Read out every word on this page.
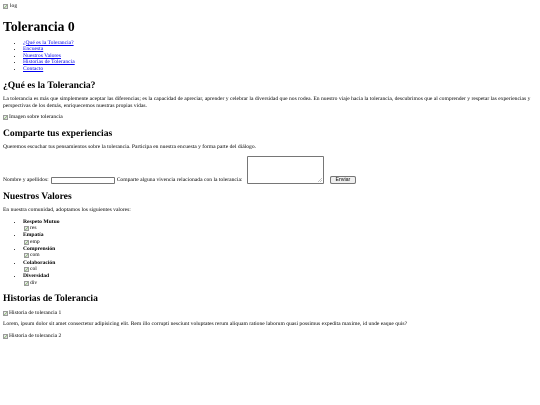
log
Tolerancia 0
• ¿Qué es la Tolerancia?
• Encuesta
• Nuestros Valores
• Historias de Tolerancia
• Contacto
¿Qué es la Tolerancia?

La tolerancia es más que simplemente aceptar las diferencias; es la capacidad de apreciar, aprender y celebrar la diversidad que nos rodea. En nuestro viaje hacia la tolerancia, descubrimos que al comprender y respetar las experiencias y perspectivas de los demás, enriquecemos nuestras propias vidas.

Imagen sobre tolerancia
Comparte tus experiencias

Queremos escuchar tus pensamientos sobre la tolerancia. Participa en nuestra encuesta y forma parte del diálogo.

Nombre y apellidos:	Comparte alguna vivencia relacionada con la tolerancia:	Enviar
Nuestros Valores

En nuestra comunidad, adoptamos los siguientes valores:

• Respeto Mutuo
res
• Empatía
emp
• Comprensión
com
• Colaboración
col
• Diversidad
div
Historias de Tolerancia
Historia de tolerancia 1

Lorem, ipsum dolor sit amet consectetur adipisicing elit. Rem illo corrupti nesciunt voluptates rerum aliquam ratione laborum quasi possimus expedita maxime, id unde eaque quis?

Historia de tolerancia 2
